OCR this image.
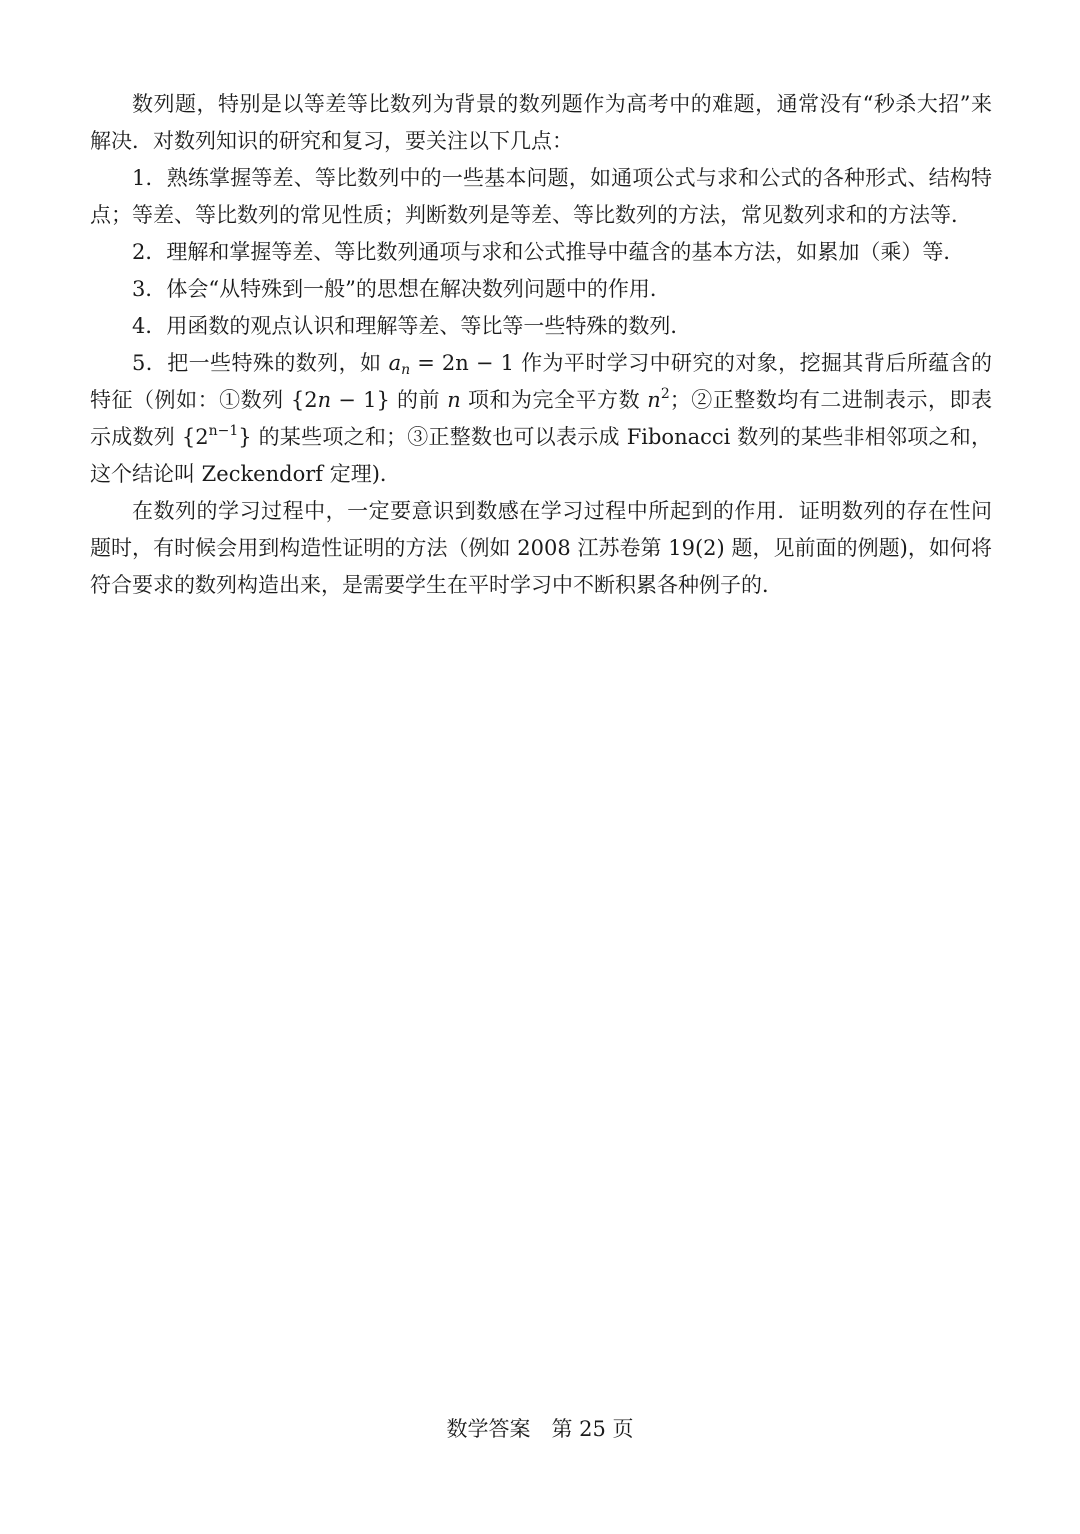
数列题，特别是以等差等比数列为背景的数列题作为高考中的难题，通常没有“秒杀大招”来解决．对数列知识的研究和复习，要关注以下几点：

1．熟练掌握等差、等比数列中的一些基本问题，如通项公式与求和公式的各种形式、结构特点；等差、等比数列的常见性质；判断数列是等差、等比数列的方法，常见数列求和的方法等．

2．理解和掌握等差、等比数列通项与求和公式推导中蕴含的基本方法，如累加（乘）等．

3．体会“从特殊到一般”的思想在解决数列问题中的作用．

4．用函数的观点认识和理解等差、等比等一些特殊的数列．

5．把一些特殊的数列，如 $a_n = 2n - 1$ 作为平时学习中研究的对象，挖掘其背后所蕴含的特征（例如：①数列 {2n − 1} 的前 n 项和为完全平方数 $n^2$；②正整数均有二进制表示，即表示成数列 $\{2^{n-1}\}$ 的某些项之和；③正整数也可以表示成 Fibonacci 数列的某些非相邻项之和，这个结论叫 Zeckendorf 定理)．

在数列的学习过程中，一定要意识到数感在学习过程中所起到的作用．证明数列的存在性问题时，有时候会用到构造性证明的方法（例如 2008 江苏卷第 19(2) 题，见前面的例题)，如何将符合要求的数列构造出来，是需要学生在平时学习中不断积累各种例子的．

数学答案 第 25 页
